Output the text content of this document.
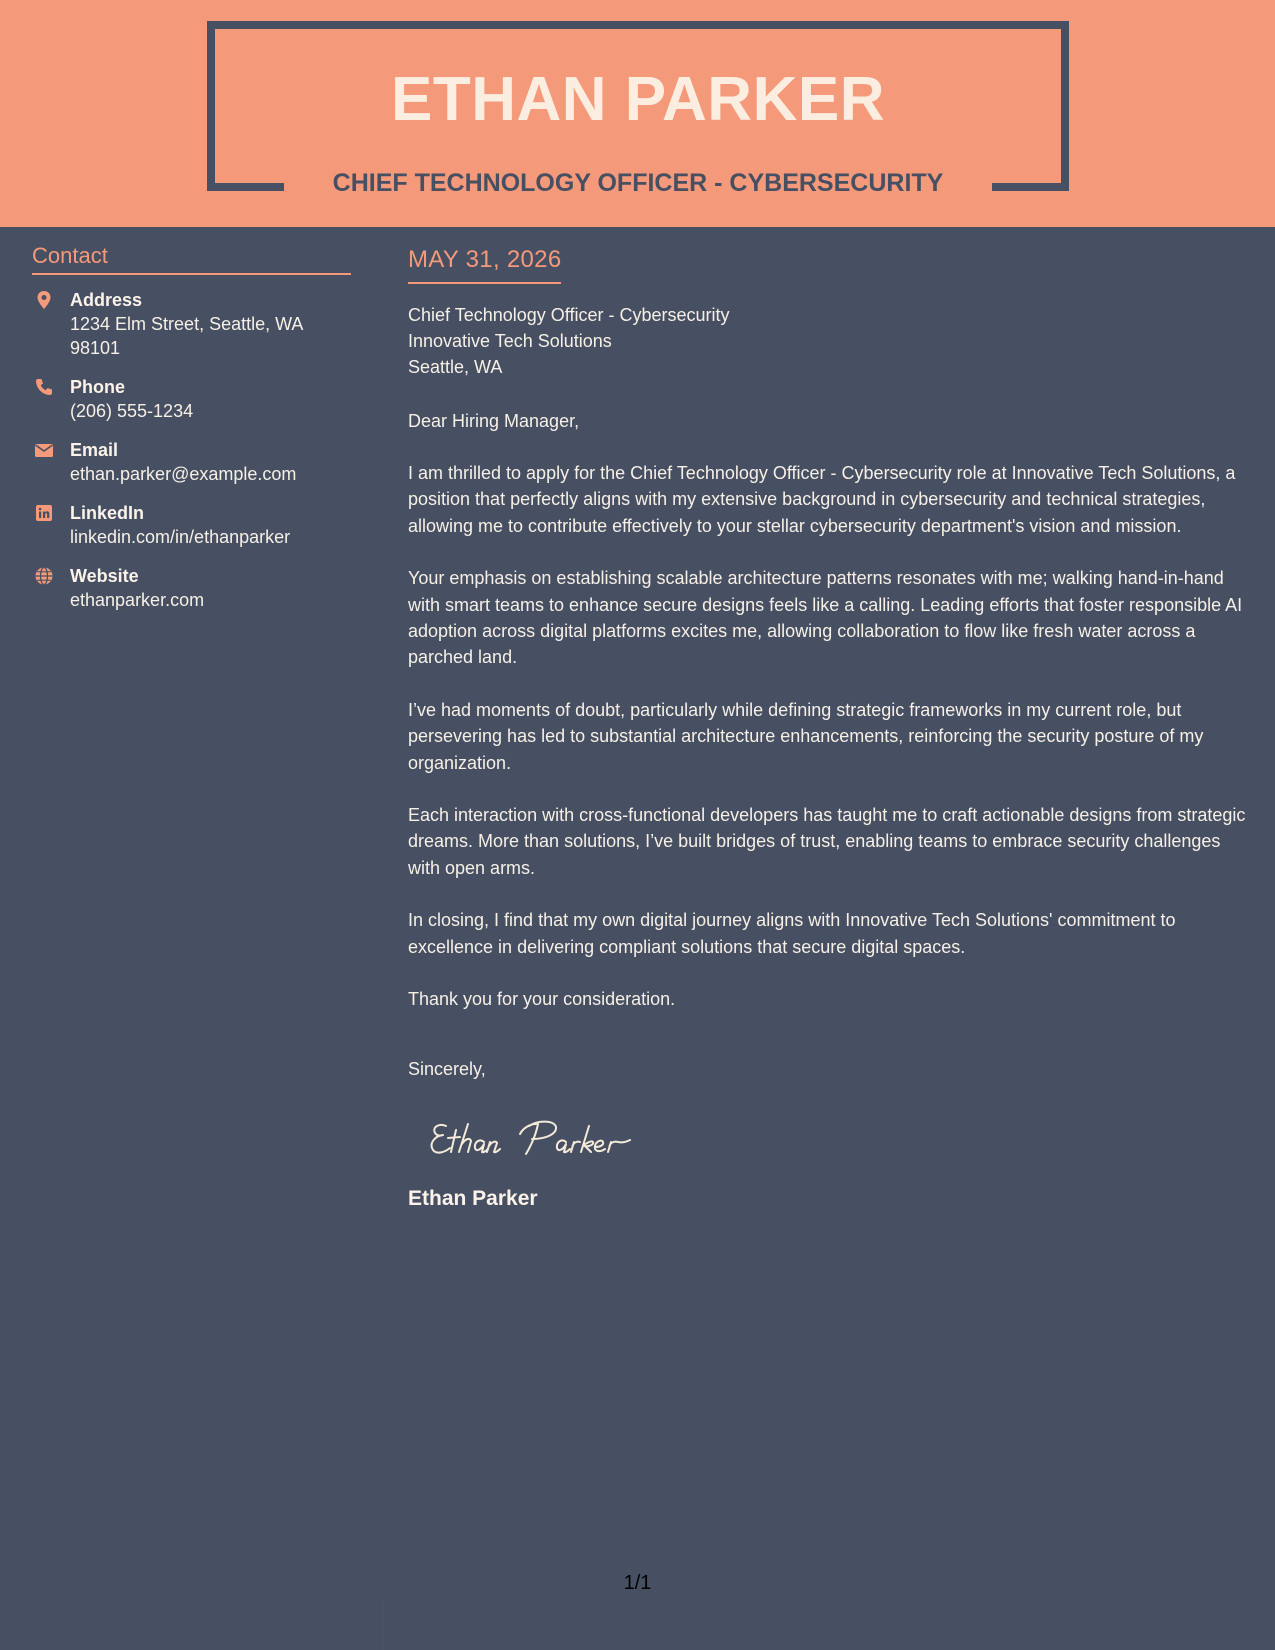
ETHAN PARKER
CHIEF TECHNOLOGY OFFICER - CYBERSECURITY
Contact
Address
1234 Elm Street, Seattle, WA 98101
Phone
(206) 555-1234
Email
ethan.parker@example.com
LinkedIn
linkedin.com/in/ethanparker
Website
ethanparker.com
MAY 31, 2026
Chief Technology Officer - Cybersecurity
Innovative Tech Solutions
Seattle, WA
Dear Hiring Manager,
I am thrilled to apply for the Chief Technology Officer - Cybersecurity role at Innovative Tech Solutions, a position that perfectly aligns with my extensive background in cybersecurity and technical strategies, allowing me to contribute effectively to your stellar cybersecurity department's vision and mission.
Your emphasis on establishing scalable architecture patterns resonates with me; walking hand-in-hand with smart teams to enhance secure designs feels like a calling. Leading efforts that foster responsible AI adoption across digital platforms excites me, allowing collaboration to flow like fresh water across a parched land.
I’ve had moments of doubt, particularly while defining strategic frameworks in my current role, but persevering has led to substantial architecture enhancements, reinforcing the security posture of my organization.
Each interaction with cross-functional developers has taught me to craft actionable designs from strategic dreams. More than solutions, I’ve built bridges of trust, enabling teams to embrace security challenges with open arms.
In closing, I find that my own digital journey aligns with Innovative Tech Solutions' commitment to excellence in delivering compliant solutions that secure digital spaces.
Thank you for your consideration.
Sincerely,
Ethan Parker
1/1
